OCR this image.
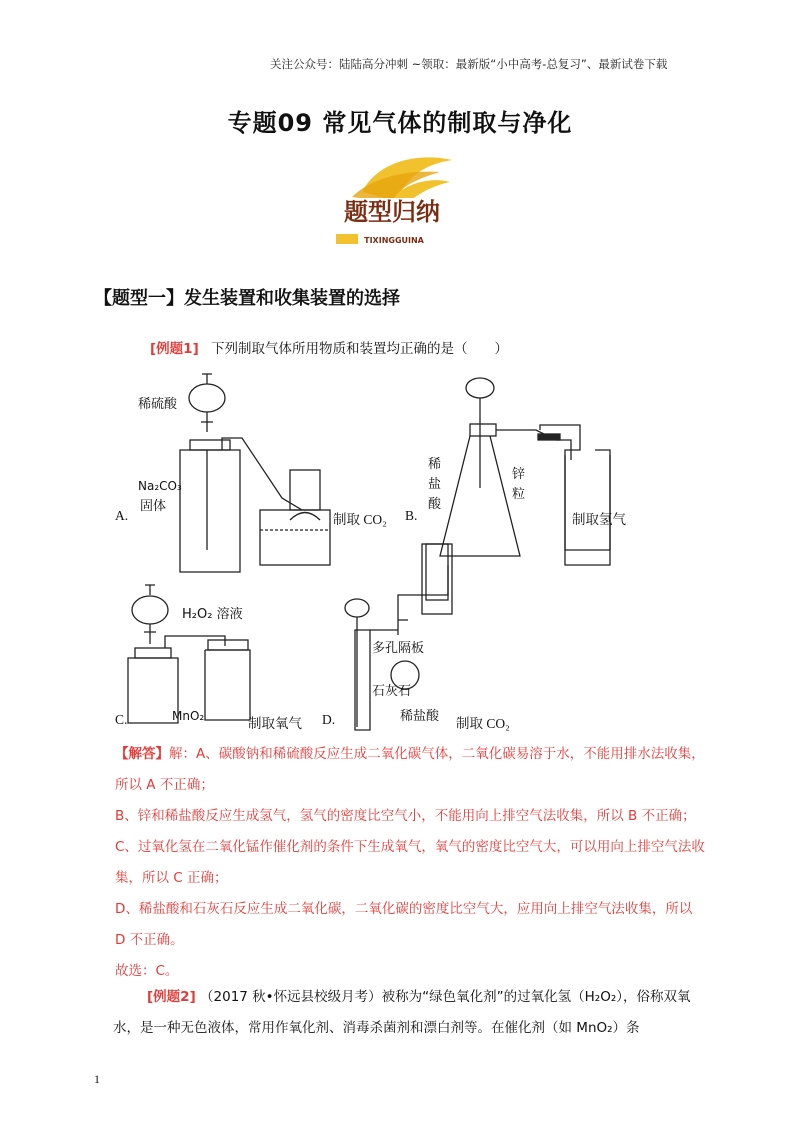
关注公众号：陆陆高分冲刺 ~领取：最新版“小中高考-总复习”、最新试卷下载
专题09 常见气体的制取与净化
题型归纳
TIXINGGUINA
【题型一】发生装置和收集装置的选择
[例题1] 下列制取气体所用物质和装置均正确的是（　　）
稀硫酸
Na₂CO₃
固体
稀
盐
酸
锌
粒
H₂O₂ 溶液
MnO₂
多孔隔板
石灰石
稀盐酸
A.	制取 CO₂ B.	制取氢气
C.	制取氧气 D.	制取 CO₂

【解答】解：A、碳酸钠和稀硫酸反应生成二氧化碳气体，二氧化碳易溶于水，不能用排水法收集，所以 A 不正确；

B、锌和稀盐酸反应生成氢气，氢气的密度比空气小，不能用向上排空气法收集，所以 B 不正确；

C、过氧化氢在二氧化锰作催化剂的条件下生成氧气，氧气的密度比空气大，可以用向上排空气法收集，所以 C 正确；

D、稀盐酸和石灰石反应生成二氧化碳，二氧化碳的密度比空气大，应用向上排空气法收集，所以 D 不正确。

故选：C。

[例题2] （2017 秋•怀远县校级月考）被称为“绿色氧化剂”的过氧化氢（H₂O₂），俗称双氧水，是一种无色液体，常用作氧化剂、消毒杀菌剂和漂白剂等。在催化剂（如 MnO₂）条
1
